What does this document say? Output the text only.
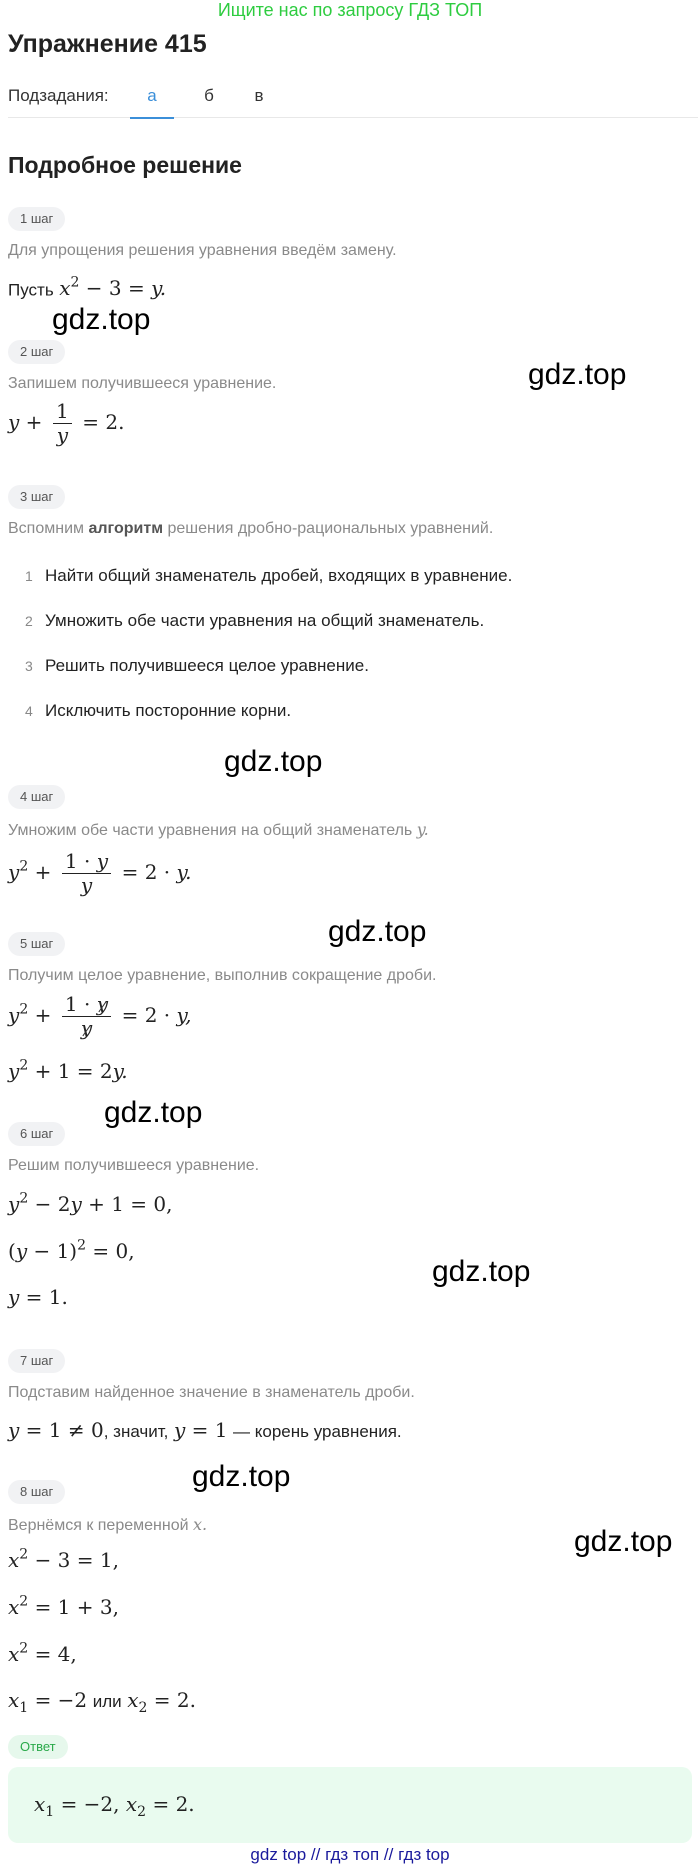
Ищите нас по запросу ГДЗ ТОП
Упражнение 415
Подзадания:	а	б	в
Подробное решение
1 шаг
Для упрощения решения уравнения введём замену.
Пусть $x^2 - 3 = y$.
2 шаг
Запишем получившееся уравнение.
$y + \frac{1}{y} = 2$.
3 шаг
Вспомним алгоритм решения дробно-рациональных уравнений.
1 Найти общий знаменатель дробей, входящих в уравнение.
2 Умножить обе части уравнения на общий знаменатель.
3 Решить получившееся целое уравнение.
4 Исключить посторонние корни.
4 шаг
Умножим обе части уравнения на общий знаменатель y.
$y^2 + \frac{1 \cdot y}{y} = 2 \cdot y$.
5 шаг
Получим целое уравнение, выполнив сокращение дроби.
$y^2 + \frac{1 \cdot y}{y} = 2 \cdot y$,
$y^2 + 1 = 2y$.
6 шаг
Решим получившееся уравнение.
$y^2 - 2y + 1 = 0$,
$(y - 1)^2 = 0$,
y = 1.
7 шаг
Подставим найденное значение в знаменатель дроби.
y = 1 ≠ 0, значит, y = 1 — корень уравнения.
8 шаг
Вернёмся к переменной x.
$x^2 - 3 = 1$,
$x^2 = 1 + 3$,
$x^2 = 4$,
$x_1 = -2$ или $x_2 = 2$.
Ответ
$x_1 = -2$, $x_2 = 2$.
gdz.top
gdz.top
gdz.top
gdz.top
gdz.top
gdz.top
gdz.top
gdz.top
gdz top // гдз топ // гдз top
